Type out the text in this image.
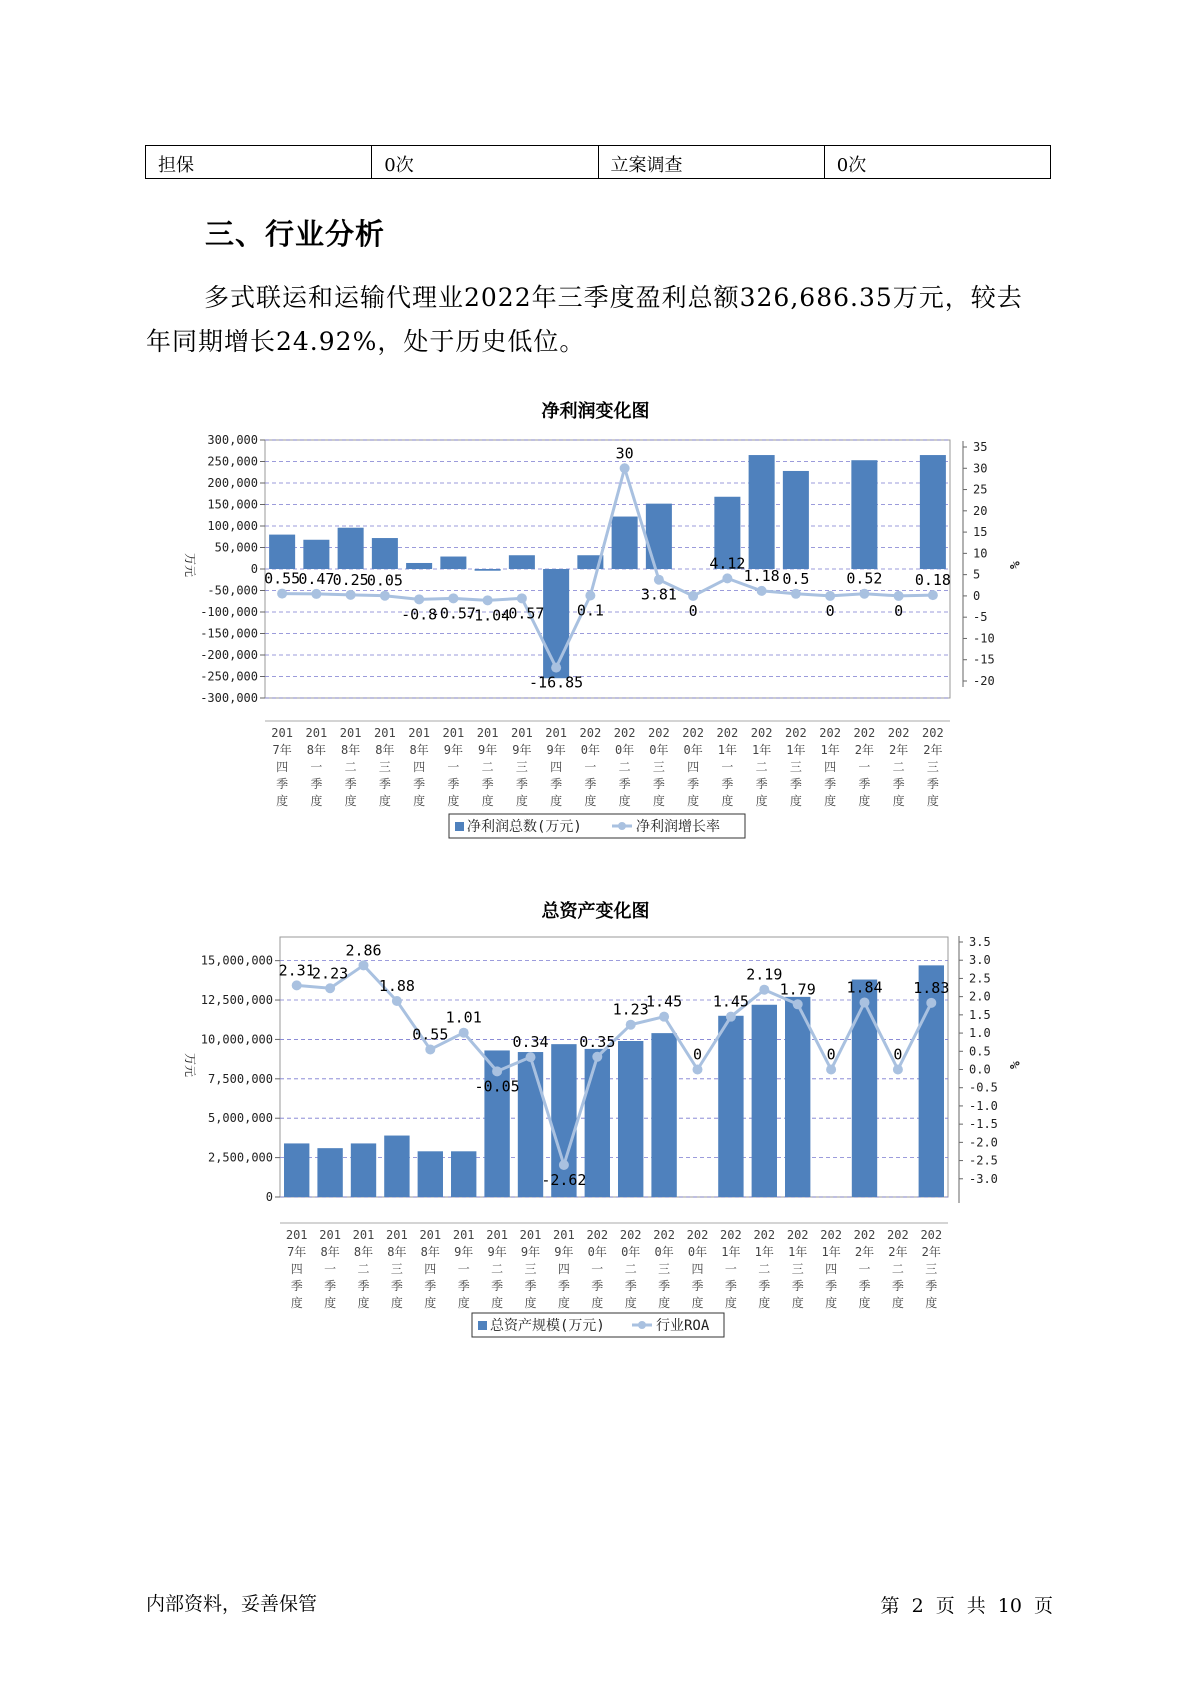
担保	0次	立案调查	0次
三、行业分析
多式联运和运输代理业2022年三季度盈利总额326,686.35万元，较去
年同期增长24.92%，处于历史低位。
净利润变化图
300,000
250,000
200,000
150,000
100,000
50,000
0
-50,000
-100,000
-150,000
-200,000
-250,000
-300,000
万元
35
30
25
20
15
10
5
0
-5
-10
-15
-20
%
0.55
0.47
0.25
0.05
-0.8
-0.57
-1.04
-0.57
-16.85
0.1
30
3.81
0
4.12
1.18 0.5
0
0.52
0
0.18
201 7年四季度
201 8年一季度
201 8年二季度
201 8年三季度
201 8年四季度
201 9年一季度
201 9年二季度
201 9年三季度
201 9年四季度
202 0年一季度
202 0年二季度
202 0年三季度
202 0年四季度
202 1年一季度
202 1年二季度
202 1年三季度
202 1年四季度
202 2年一季度
202 2年二季度
202 2年三季度
净利润总数(万元)	净利润增长率
总资产变化图
15,000,000
12,500,000
10,000,000
7,500,000
5,000,000
2,500,000
0
万元
3.5
3.0
2.5
2.0
1.5
1.0
0.5
0.0
-0.5
-1.0
-1.5
-2.0
-2.5
-3.0
%
2.31
2.23
2.86
1.88
0.55
1.01
-0.05
0.34
-2.62
0.35
1.23
1.45
0
1.45
2.19
1.79
0
1.84
0
1.83
201 7年四季度
201 8年一季度
201 8年二季度
201 8年三季度
201 8年四季度
201 9年一季度
201 9年二季度
201 9年三季度
201 9年四季度
202 0年一季度
202 0年二季度
202 0年三季度
202 0年四季度
202 1年一季度
202 1年二季度
202 1年三季度
202 1年四季度
202 2年一季度
202 2年二季度
202 2年三季度
总资产规模(万元)	行业ROA
内部资料，妥善保管	第 2 页 共 10 页
